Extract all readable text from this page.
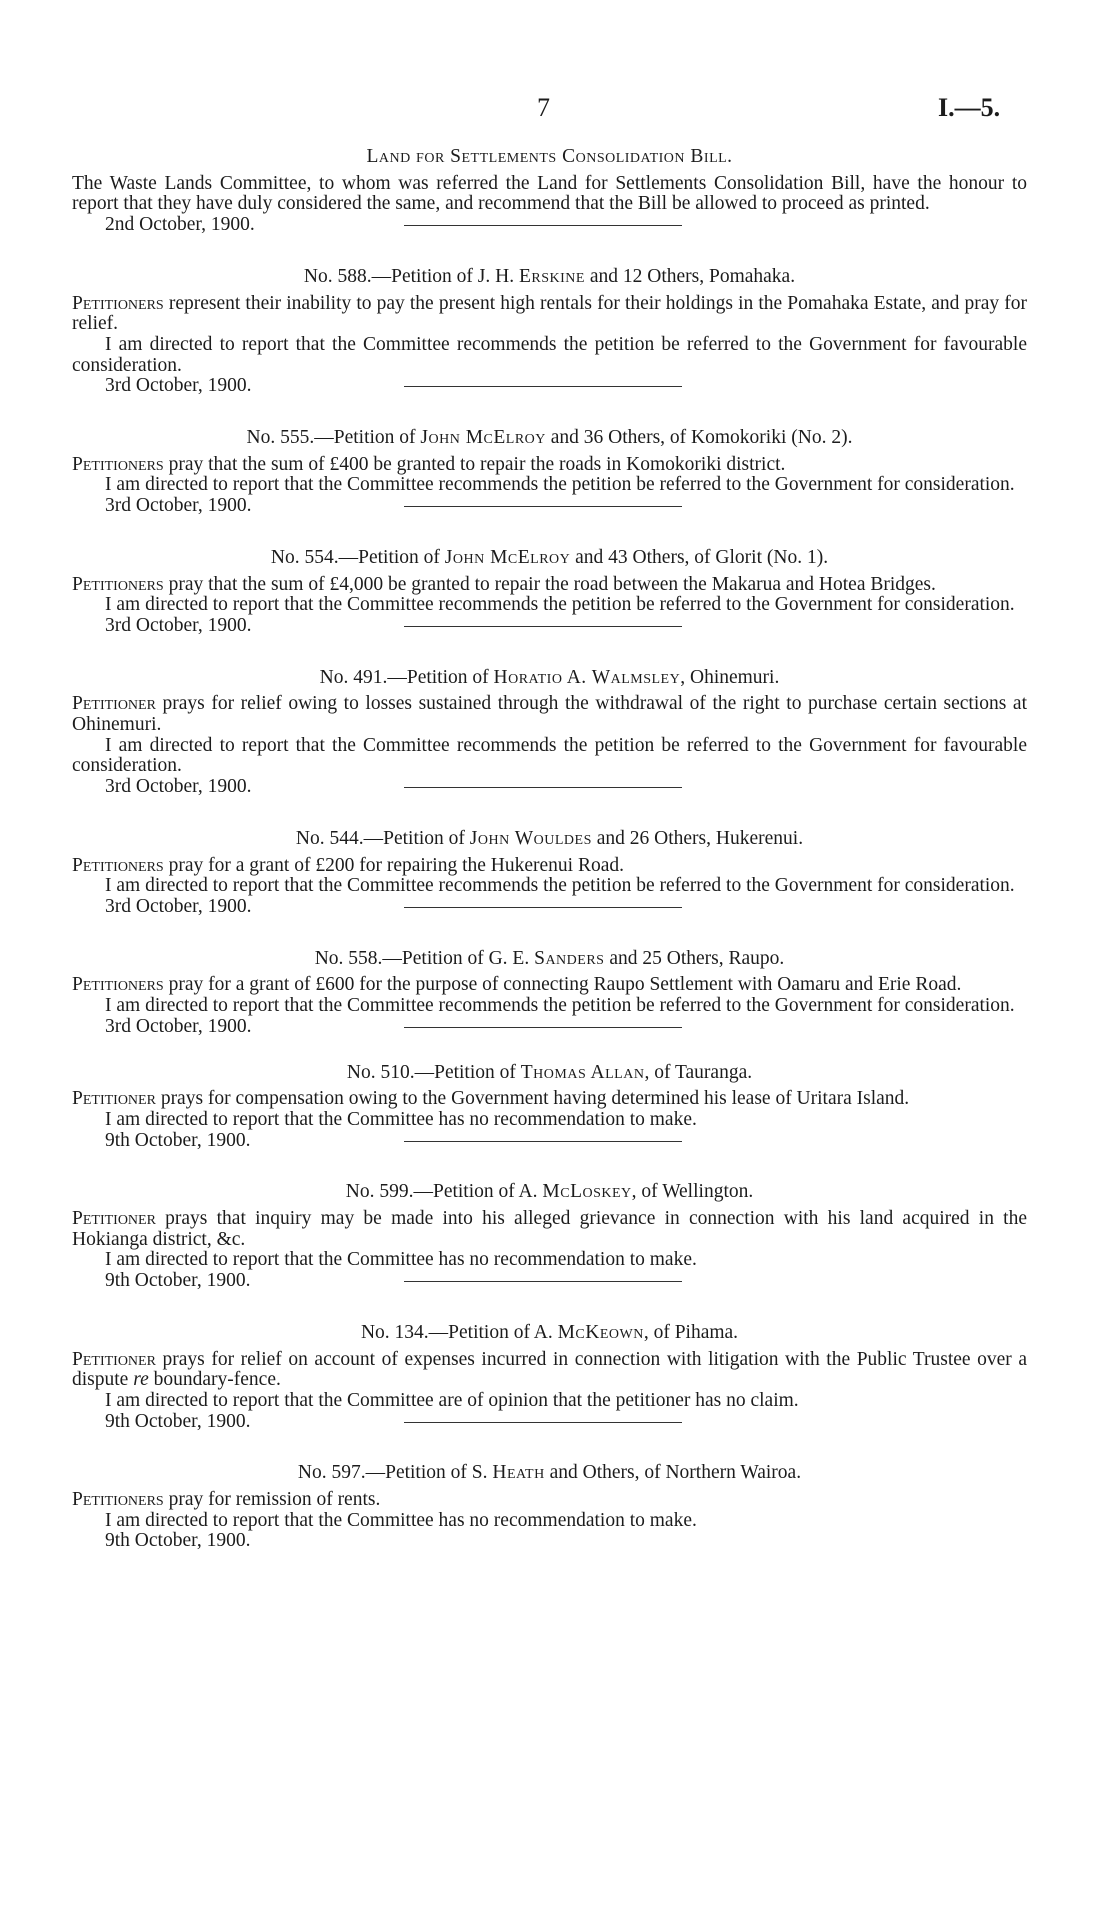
7	I.—5.
Land for Settlements Consolidation Bill.

The Waste Lands Committee, to whom was referred the Land for Settlements Consolidation Bill, have the honour to report that they have duly considered the same, and recommend that the Bill be allowed to proceed as printed.

2nd October, 1900.
No. 588.—Petition of J. H. Erskine and 12 Others, Pomahaka.

Petitioners represent their inability to pay the present high rentals for their holdings in the Pomahaka Estate, and pray for relief.

I am directed to report that the Committee recommends the petition be referred to the Government for favourable consideration.

3rd October, 1900.
No. 555.—Petition of John McElroy and 36 Others, of Komokoriki (No. 2).

Petitioners pray that the sum of £400 be granted to repair the roads in Komokoriki district.

I am directed to report that the Committee recommends the petition be referred to the Government for consideration.

3rd October, 1900.
No. 554.—Petition of John McElroy and 43 Others, of Glorit (No. 1).

Petitioners pray that the sum of £4,000 be granted to repair the road between the Makarua and Hotea Bridges.

I am directed to report that the Committee recommends the petition be referred to the Government for consideration.

3rd October, 1900.
No. 491.—Petition of Horatio A. Walmsley, Ohinemuri.

Petitioner prays for relief owing to losses sustained through the withdrawal of the right to purchase certain sections at Ohinemuri.

I am directed to report that the Committee recommends the petition be referred to the Government for favourable consideration.

3rd October, 1900.
No. 544.—Petition of John Wouldes and 26 Others, Hukerenui.

Petitioners pray for a grant of £200 for repairing the Hukerenui Road.

I am directed to report that the Committee recommends the petition be referred to the Government for consideration.

3rd October, 1900.
No. 558.—Petition of G. E. Sanders and 25 Others, Raupo.

Petitioners pray for a grant of £600 for the purpose of connecting Raupo Settlement with Oamaru and Erie Road.

I am directed to report that the Committee recommends the petition be referred to the Government for consideration.

3rd October, 1900.
No. 510.—Petition of Thomas Allan, of Tauranga.

Petitioner prays for compensation owing to the Government having determined his lease of Uritara Island.

I am directed to report that the Committee has no recommendation to make.

9th October, 1900.
No. 599.—Petition of A. McLoskey, of Wellington.

Petitioner prays that inquiry may be made into his alleged grievance in connection with his land acquired in the Hokianga district, &c.

I am directed to report that the Committee has no recommendation to make.

9th October, 1900.
No. 134.—Petition of A. McKeown, of Pihama.

Petitioner prays for relief on account of expenses incurred in connection with litigation with the Public Trustee over a dispute re boundary-fence.

I am directed to report that the Committee are of opinion that the petitioner has no claim.

9th October, 1900.
No. 597.—Petition of S. Heath and Others, of Northern Wairoa.

Petitioners pray for remission of rents.

I am directed to report that the Committee has no recommendation to make.

9th October, 1900.
